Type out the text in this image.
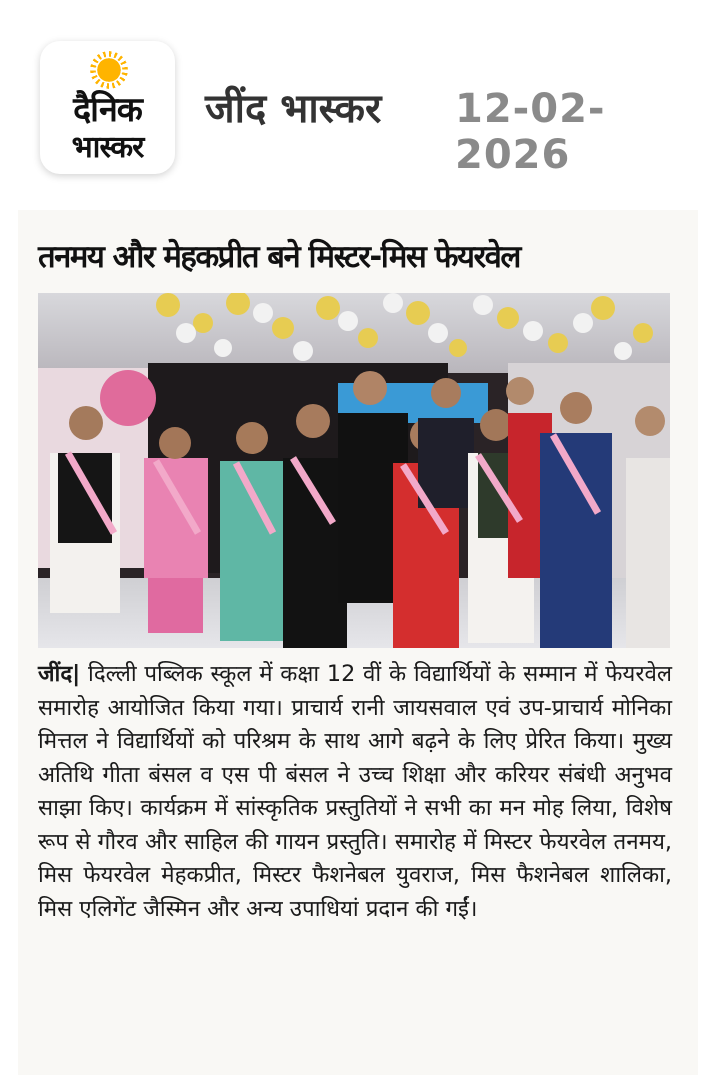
दैनिक
भास्कर
जींद भास्कर 12-02-2026
तनमय और मेहकप्रीत बने मिस्टर-मिस फेयरवेल
जींद| दिल्ली पब्लिक स्कूल में कक्षा 12 वीं के विद्यार्थियों के सम्मान में फेयरवेल समारोह आयोजित किया गया। प्राचार्य रानी जायसवाल एवं उप-प्राचार्य मोनिका मित्तल ने विद्यार्थियों को परिश्रम के साथ आगे बढ़ने के लिए प्रेरित किया। मुख्य अतिथि गीता बंसल व एस पी बंसल ने उच्च शिक्षा और करियर संबंधी अनुभव साझा किए। कार्यक्रम में सांस्कृतिक प्रस्तुतियों ने सभी का मन मोह लिया, विशेष रूप से गौरव और साहिल की गायन प्रस्तुति। समारोह में मिस्टर फेयरवेल तनमय, मिस फेयरवेल मेहकप्रीत, मिस्टर फैशनेबल युवराज, मिस फैशनेबल शालिका, मिस एलिगेंट जैस्मिन और अन्य उपाधियां प्रदान की गईं।
